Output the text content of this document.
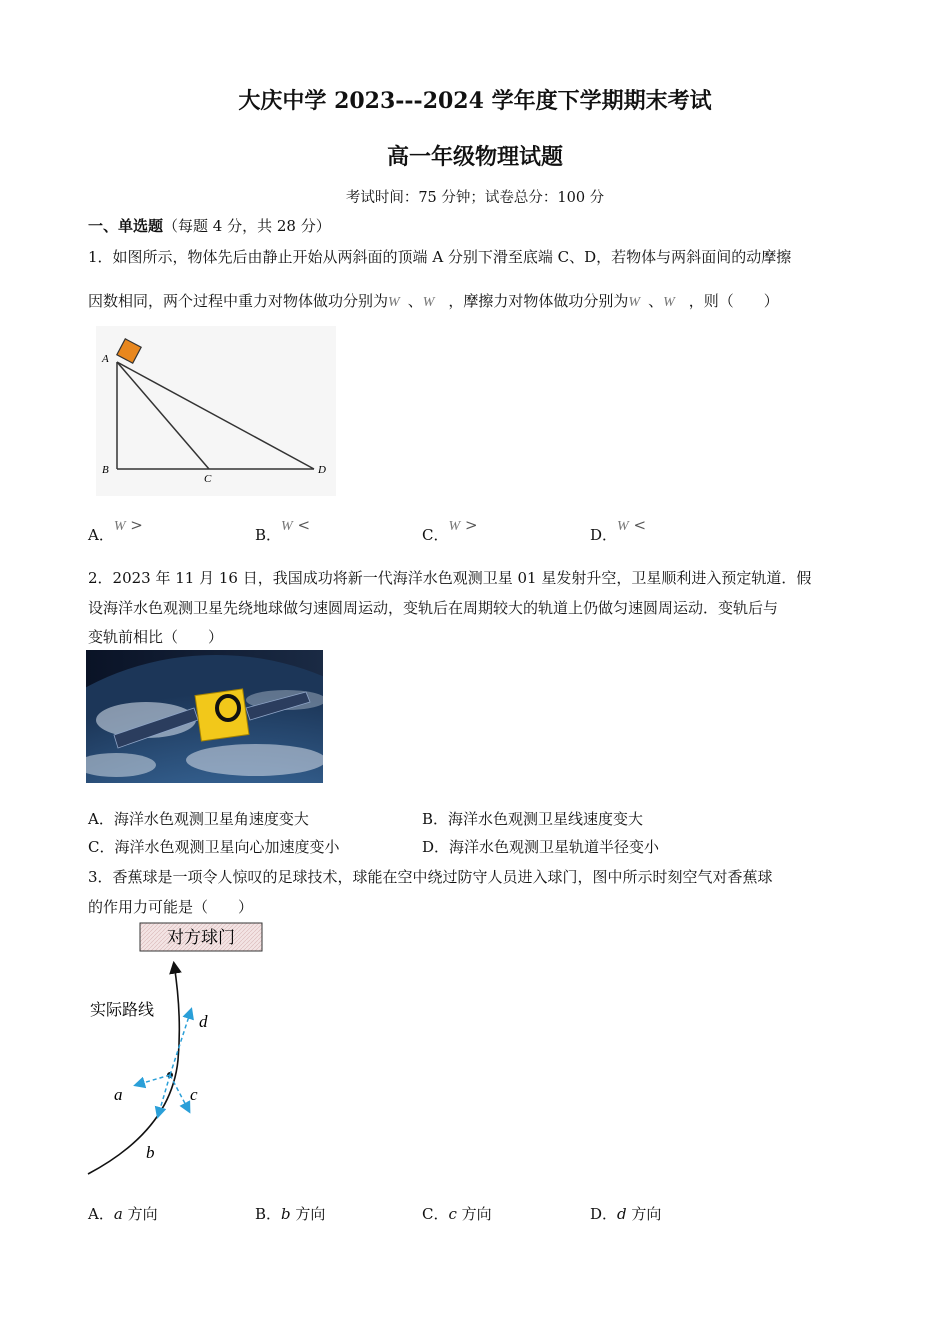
大庆中学 2023---2024 学年度下学期期末考试
高一年级物理试题
考试时间：75 分钟；试卷总分：100 分
一、单选题（每题 4 分，共 28 分）
1．如图所示，物体先后由静止开始从两斜面的顶端 A 分别下滑至底端 C、D，若物体与两斜面间的动摩擦
因数相同，两个过程中重力对物体做功分别为W 、W ，摩擦力对物体做功分别为W 、W ，则（　　）
A
B
C
D
A．W >
B．W <
C．W >
D．W <
2．2023 年 11 月 16 日，我国成功将新一代海洋水色观测卫星 01 星发射升空，卫星顺利进入预定轨道．假
设海洋水色观测卫星先绕地球做匀速圆周运动，变轨后在周期较大的轨道上仍做匀速圆周运动．变轨后与
变轨前相比（　　）
A．海洋水色观测卫星角速度变大	B．海洋水色观测卫星线速度变大
C．海洋水色观测卫星向心加速度变小	D．海洋水色观测卫星轨道半径变小
3．香蕉球是一项令人惊叹的足球技术，球能在空中绕过防守人员进入球门，图中所示时刻空气对香蕉球
的作用力可能是（　　）
对方球门
实际路线
a
b
c
d
A．a 方向	B．b 方向	C．c 方向	D．d 方向
